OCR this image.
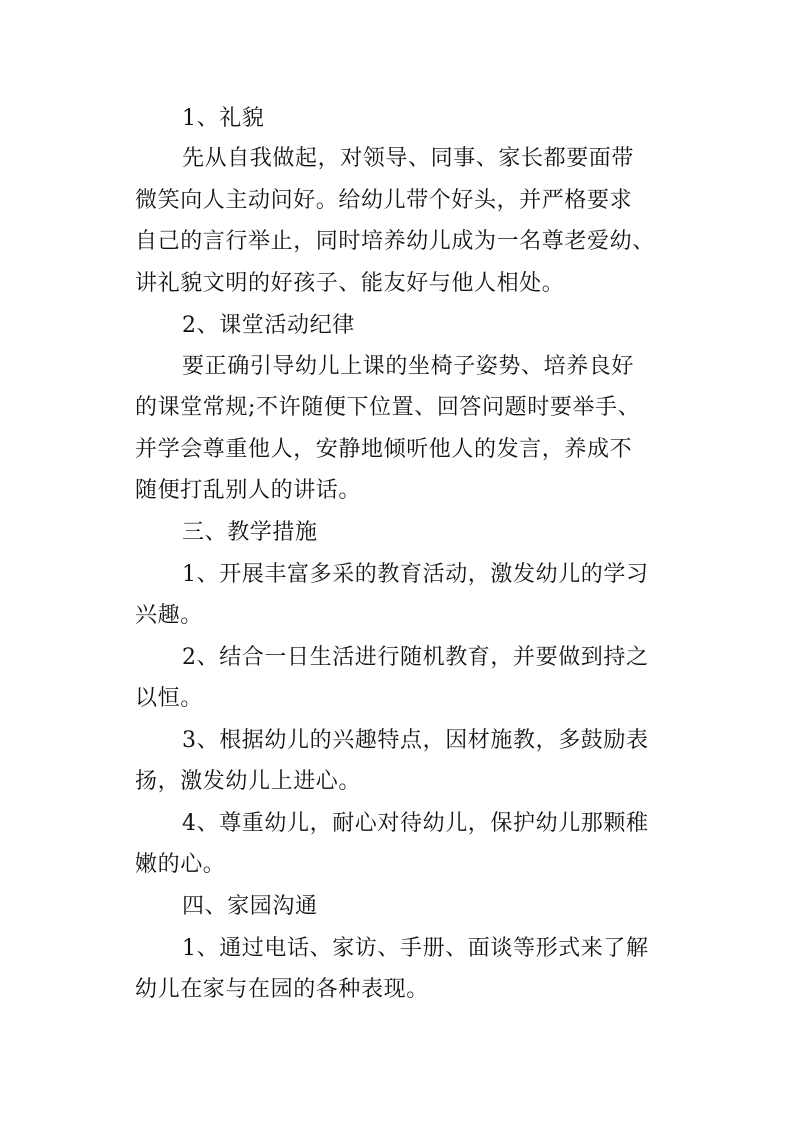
1、礼貌
先从自我做起，对领导、同事、家长都要面带
微笑向人主动问好。给幼儿带个好头，并严格要求
自己的言行举止，同时培养幼儿成为一名尊老爱幼、
讲礼貌文明的好孩子、能友好与他人相处。
2、课堂活动纪律
要正确引导幼儿上课的坐椅子姿势、培养良好
的课堂常规;不许随便下位置、回答问题时要举手、
并学会尊重他人，安静地倾听他人的发言，养成不
随便打乱别人的讲话。
三、教学措施
1、开展丰富多采的教育活动，激发幼儿的学习
兴趣。
2、结合一日生活进行随机教育，并要做到持之
以恒。
3、根据幼儿的兴趣特点，因材施教，多鼓励表
扬，激发幼儿上进心。
4、尊重幼儿，耐心对待幼儿，保护幼儿那颗稚
嫩的心。
四、家园沟通
1、通过电话、家访、手册、面谈等形式来了解
幼儿在家与在园的各种表现。
